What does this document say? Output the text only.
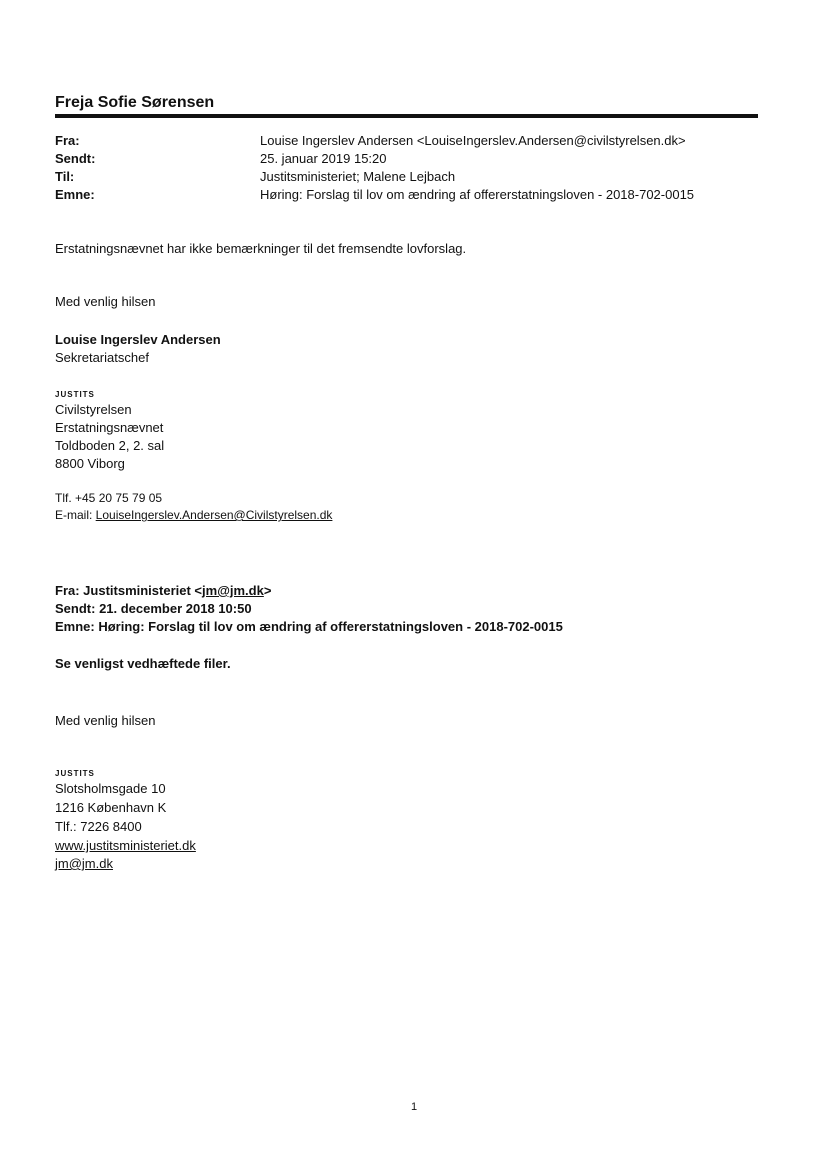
Freja Sofie Sørensen
Fra:	Louise Ingerslev Andersen <LouiseIngerslev.Andersen@civilstyrelsen.dk>
Sendt:	25. januar 2019 15:20
Til:	Justitsministeriet; Malene Lejbach
Emne:	Høring: Forslag til lov om ændring af offererstatningsloven - 2018-702-0015
Erstatningsnævnet har ikke bemærkninger til det fremsendte lovforslag.
Med venlig hilsen
Louise Ingerslev Andersen
Sekretariatschef
JUSTITS
Civilstyrelsen
Erstatningsnævnet
Toldboden 2, 2. sal
8800 Viborg
Tlf. +45 20 75 79 05
E-mail: LouiseIngerslev.Andersen@Civilstyrelsen.dk
Fra: Justitsministeriet <jm@jm.dk>
Sendt: 21. december 2018 10:50
Emne: Høring: Forslag til lov om ændring af offererstatningsloven - 2018-702-0015
Se venligst vedhæftede filer.
Med venlig hilsen
JUSTITS
Slotsholmsgade 10
1216 København K
Tlf.: 7226 8400
www.justitsministeriet.dk
jm@jm.dk
1
